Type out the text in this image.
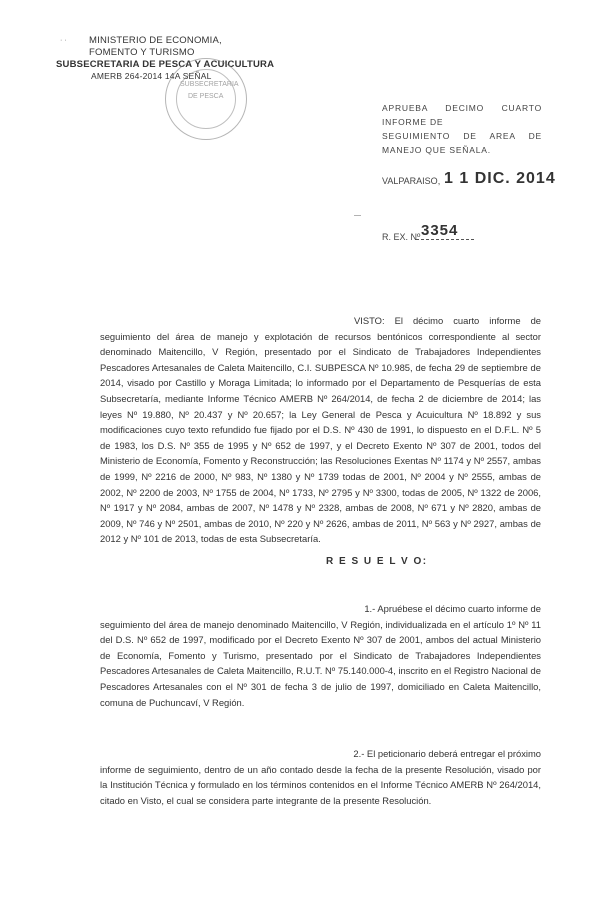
· · MINISTERIO DE ECONOMIA,
FOMENTO Y TURISMO
SUBSECRETARIA DE PESCA Y ACUICULTURA
AMERB 264-2014 14A SEÑAL
SUBSECRETARIA
DE PESCA
APRUEBA DECIMO CUARTO INFORME DE
SEGUIMIENTO DE AREA DE MANEJO QUE SEÑALA.
VALPARAISO, 1 1 DIC. 2014
—
R. EX. Nº 3354

VISTO: El décimo cuarto informe de seguimiento del área de manejo y explotación de recursos bentónicos correspondiente al sector denominado Maitencillo, V Región, presentado por el Sindicato de Trabajadores Independientes Pescadores Artesanales de Caleta Maitencillo, C.I. SUBPESCA Nº 10.985, de fecha 29 de septiembre de 2014, visado por Castillo y Moraga Limitada; lo informado por el Departamento de Pesquerías de esta Subsecretaría, mediante Informe Técnico AMERB Nº 264/2014, de fecha 2 de diciembre de 2014; las leyes Nº 19.880, Nº 20.437 y Nº 20.657; la Ley General de Pesca y Acuicultura Nº 18.892 y sus modificaciones cuyo texto refundido fue fijado por el D.S. Nº 430 de 1991, lo dispuesto en el D.F.L. Nº 5 de 1983, los D.S. Nº 355 de 1995 y Nº 652 de 1997, y el Decreto Exento Nº 307 de 2001, todos del Ministerio de Economía, Fomento y Reconstrucción; las Resoluciones Exentas Nº 1174 y Nº 2557, ambas de 1999, Nº 2216 de 2000, Nº 983, Nº 1380 y Nº 1739 todas de 2001, Nº 2004 y Nº 2555, ambas de 2002, Nº 2200 de 2003, Nº 1755 de 2004, Nº 1733, Nº 2795 y Nº 3300, todas de 2005, Nº 1322 de 2006, Nº 1917 y Nº 2084, ambas de 2007, Nº 1478 y Nº 2328, ambas de 2008, Nº 671 y Nº 2820, ambas de 2009, Nº 746 y Nº 2501, ambas de 2010, Nº 220 y Nº 2626, ambas de 2011, Nº 563 y Nº 2927, ambas de 2012 y Nº 101 de 2013, todas de esta Subsecretaría.

R E S U E L V O:

1.- Apruébese el décimo cuarto informe de

seguimiento del área de manejo denominado Maitencillo, V Región, individualizada en el artículo 1º Nº 11 del D.S. Nº 652 de 1997, modificado por el Decreto Exento Nº 307 de 2001, ambos del actual Ministerio de Economía, Fomento y Turismo, presentado por el Sindicato de Trabajadores Independientes Pescadores Artesanales de Caleta Maitencillo, R.U.T. Nº 75.140.000-4, inscrito en el Registro Nacional de Pescadores Artesanales con el Nº 301 de fecha 3 de julio de 1997, domiciliado en Caleta Maitencillo, comuna de Puchuncaví, V Región.

2.- El peticionario deberá entregar el próximo

informe de seguimiento, dentro de un año contado desde la fecha de la presente Resolución, visado por la Institución Técnica y formulado en los términos contenidos en el Informe Técnico AMERB Nº 264/2014, citado en Visto, el cual se considera parte integrante de la presente Resolución.
